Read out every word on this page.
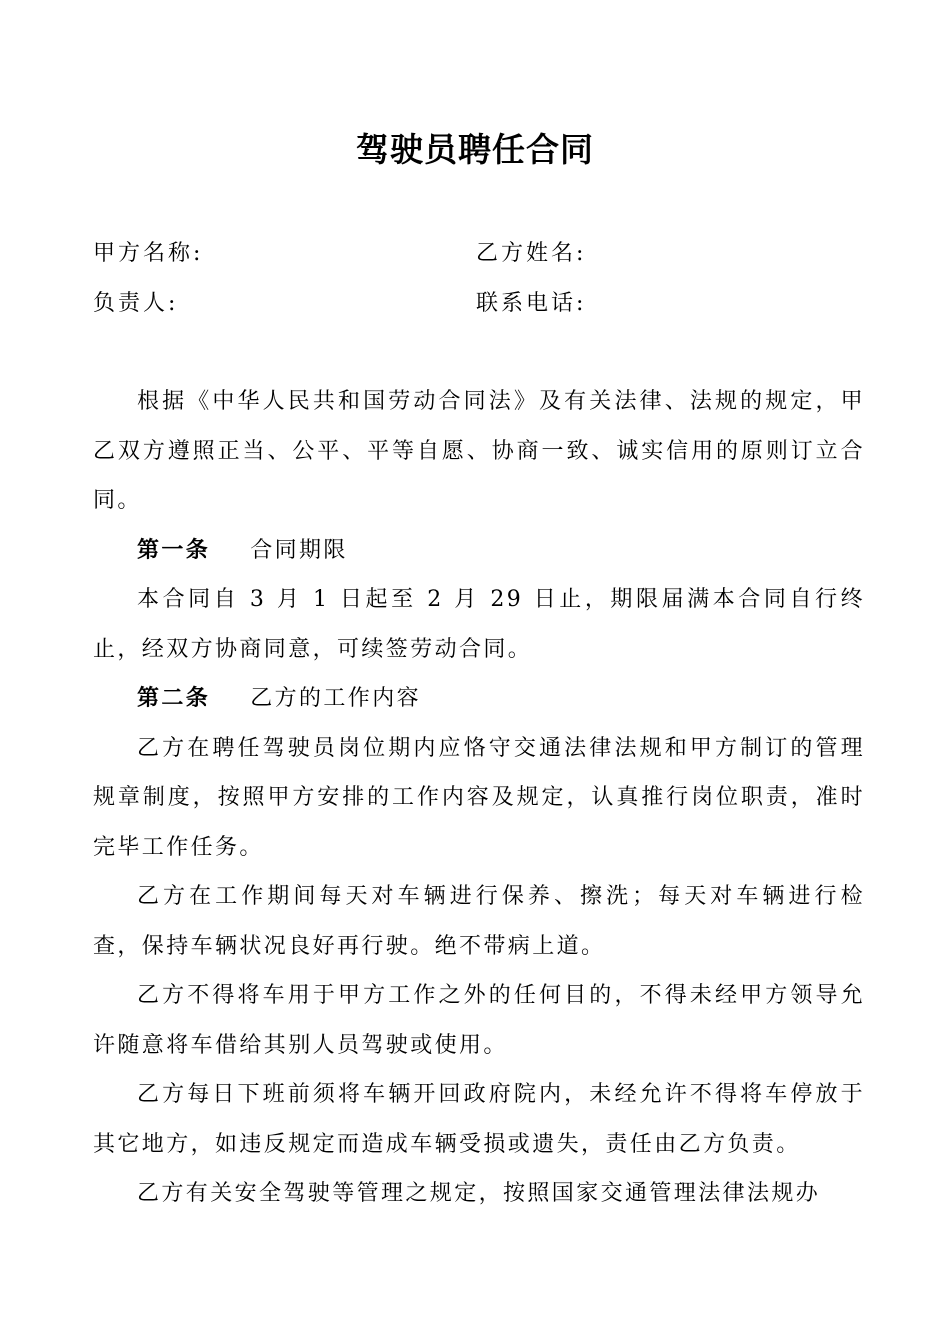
驾驶员聘任合同
甲方名称:	乙方姓名:
负责人:	联系电话:

根据《中华人民共和国劳动合同法》及有关法律、法规的规定，甲乙双方遵照正当、公平、平等自愿、协商一致、诚实信用的原则订立合同。

第一条 合同期限

本合同自 3 月 1 日起至 2 月 29 日止，期限届满本合同自行终止，经双方协商同意，可续签劳动合同。

第二条 乙方的工作内容

乙方在聘任驾驶员岗位期内应恪守交通法律法规和甲方制订的管理规章制度，按照甲方安排的工作内容及规定，认真推行岗位职责，准时完毕工作任务。

乙方在工作期间每天对车辆进行保养、擦洗；每天对车辆进行检查，保持车辆状况良好再行驶。绝不带病上道。

乙方不得将车用于甲方工作之外的任何目的，不得未经甲方领导允许随意将车借给其别人员驾驶或使用。

乙方每日下班前须将车辆开回政府院内，未经允许不得将车停放于其它地方，如违反规定而造成车辆受损或遗失，责任由乙方负责。

乙方有关安全驾驶等管理之规定，按照国家交通管理法律法规办
